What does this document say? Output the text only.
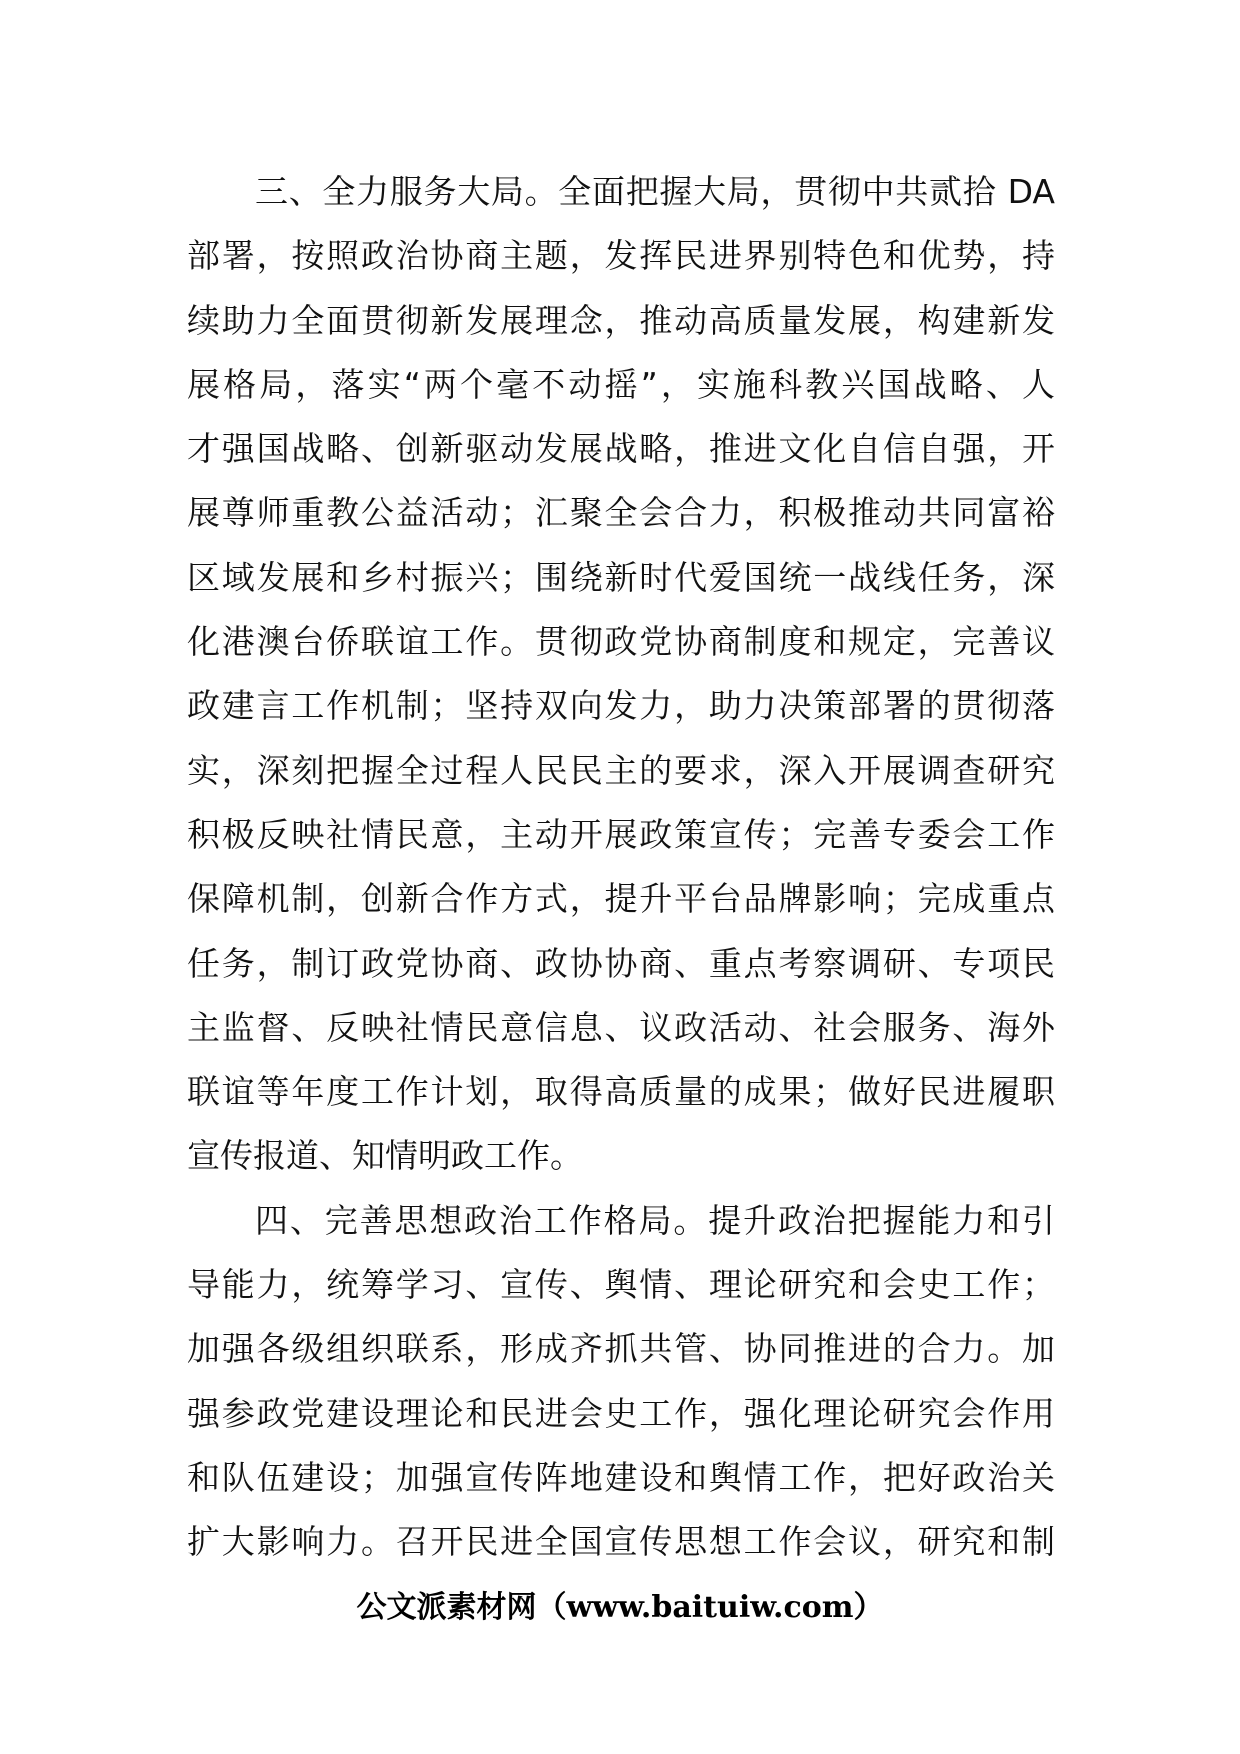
三、全力服务大局。全面把握大局，贯彻中共贰拾 DA
部署，按照政治协商主题，发挥民进界别特色和优势，持
续助力全面贯彻新发展理念，推动高质量发展，构建新发
展格局，落实“两个毫不动摇”，实施科教兴国战略、人
才强国战略、创新驱动发展战略，推进文化自信自强，开
展尊师重教公益活动；汇聚全会合力，积极推动共同富裕
区域发展和乡村振兴；围绕新时代爱国统一战线任务，深
化港澳台侨联谊工作。贯彻政党协商制度和规定，完善议
政建言工作机制；坚持双向发力，助力决策部署的贯彻落
实，深刻把握全过程人民民主的要求，深入开展调查研究
积极反映社情民意，主动开展政策宣传；完善专委会工作
保障机制，创新合作方式，提升平台品牌影响；完成重点
任务，制订政党协商、政协协商、重点考察调研、专项民
主监督、反映社情民意信息、议政活动、社会服务、海外
联谊等年度工作计划，取得高质量的成果；做好民进履职
宣传报道、知情明政工作。
四、完善思想政治工作格局。提升政治把握能力和引
导能力，统筹学习、宣传、舆情、理论研究和会史工作；
加强各级组织联系，形成齐抓共管、协同推进的合力。加
强参政党建设理论和民进会史工作，强化理论研究会作用
和队伍建设；加强宣传阵地建设和舆情工作，把好政治关
扩大影响力。召开民进全国宣传思想工作会议，研究和制
公文派素材网（www.baituiw.com）
